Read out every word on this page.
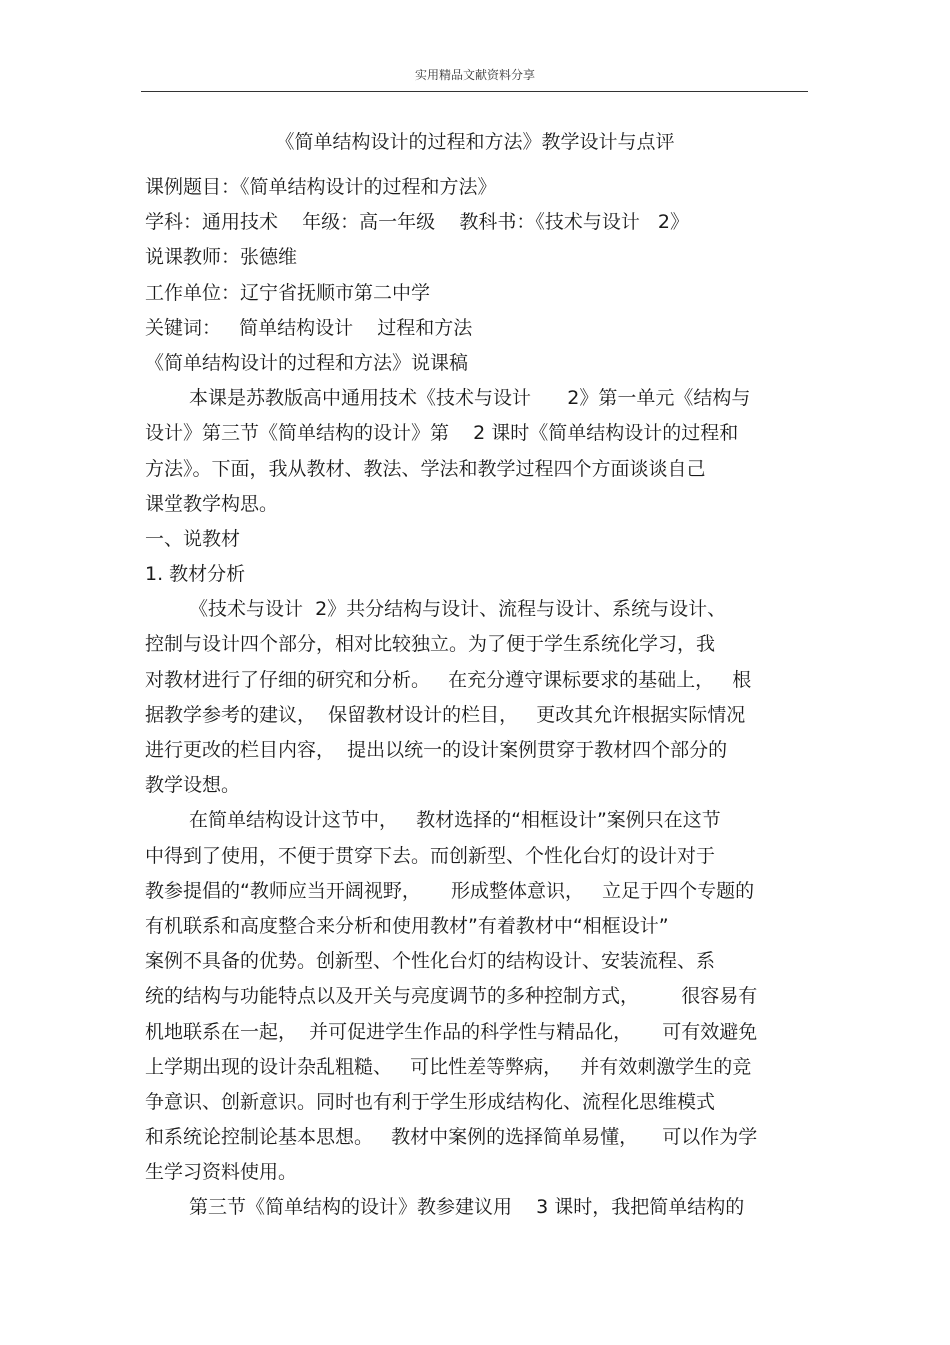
实用精品文献资料分享
《简单结构设计的过程和方法》教学设计与点评
课例题目：《简单结构设计的过程和方法》
学科：通用技术    年级：高一年级    教科书：《技术与设计   2》
说课教师：张德维
工作单位：辽宁省抚顺市第二中学
关键词：   简单结构设计    过程和方法
《简单结构设计的过程和方法》说课稿
本课是苏教版高中通用技术《技术与设计      2》第一单元《结构与
设计》第三节《简单结构的设计》第    2 课时《简单结构设计的过程和
方法》。下面，我从教材、教法、学法和教学过程四个方面谈谈自己
课堂教学构思。
一、说教材
1. 教材分析
《技术与设计  2》共分结构与设计、流程与设计、系统与设计、
控制与设计四个部分，相对比较独立。为了便于学生系统化学习，我
对教材进行了仔细的研究和分析。   在充分遵守课标要求的基础上，   根
据教学参考的建议，  保留教材设计的栏目，   更改其允许根据实际情况
进行更改的栏目内容，  提出以统一的设计案例贯穿于教材四个部分的
教学设想。
在简单结构设计这节中，   教材选择的“相框设计”案例只在这节
中得到了使用，不便于贯穿下去。而创新型、个性化台灯的设计对于
教参提倡的“教师应当开阔视野，     形成整体意识，   立足于四个专题的
有机联系和高度整合来分析和使用教材”有着教材中“相框设计”
案例不具备的优势。创新型、个性化台灯的结构设计、安装流程、系
统的结构与功能特点以及开关与亮度调节的多种控制方式，       很容易有
机地联系在一起，  并可促进学生作品的科学性与精品化，     可有效避免
上学期出现的设计杂乱粗糙、   可比性差等弊病，   并有效刺激学生的竞
争意识、创新意识。同时也有利于学生形成结构化、流程化思维模式
和系统论控制论基本思想。   教材中案例的选择简单易懂，    可以作为学
生学习资料使用。
第三节《简单结构的设计》教参建议用    3 课时，我把简单结构的
